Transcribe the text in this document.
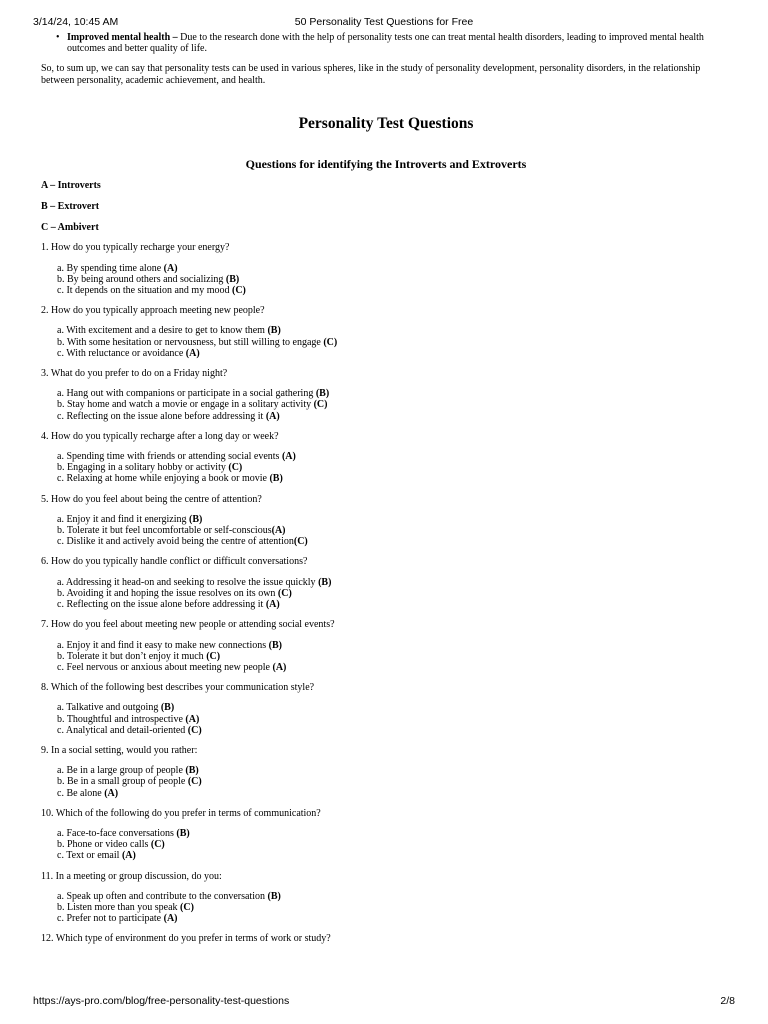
3/14/24, 10:45 AM	50 Personality Test Questions for Free
• Improved mental health – Due to the research done with the help of personality tests one can treat mental health disorders, leading to improved mental health outcomes and better quality of life.

So, to sum up, we can say that personality tests can be used in various spheres, like in the study of personality development, personality disorders, in the relationship between personality, academic achievement, and health.

Personality Test Questions
Questions for identifying the Introverts and Extroverts
A – Introverts
B – Extrovert
C – Ambivert
1. How do you typically recharge your energy?
a. By spending time alone (A)
b. By being around others and socializing (B)
c. It depends on the situation and my mood (C)
2. How do you typically approach meeting new people?
a. With excitement and a desire to get to know them (B)
b. With some hesitation or nervousness, but still willing to engage (C)
c. With reluctance or avoidance (A)
3. What do you prefer to do on a Friday night?
a. Hang out with companions or participate in a social gathering (B)
b. Stay home and watch a movie or engage in a solitary activity (C)
c. Reflecting on the issue alone before addressing it (A)
4. How do you typically recharge after a long day or week?
a. Spending time with friends or attending social events (A)
b. Engaging in a solitary hobby or activity (C)
c. Relaxing at home while enjoying a book or movie (B)
5. How do you feel about being the centre of attention?
a. Enjoy it and find it energizing (B)
b. Tolerate it but feel uncomfortable or self-conscious(A)
c. Dislike it and actively avoid being the centre of attention(C)
6. How do you typically handle conflict or difficult conversations?
a. Addressing it head-on and seeking to resolve the issue quickly (B)
b. Avoiding it and hoping the issue resolves on its own (C)
c. Reflecting on the issue alone before addressing it (A)
7. How do you feel about meeting new people or attending social events?
a. Enjoy it and find it easy to make new connections (B)
b. Tolerate it but don’t enjoy it much (C)
c. Feel nervous or anxious about meeting new people (A)
8. Which of the following best describes your communication style?
a. Talkative and outgoing (B)
b. Thoughtful and introspective (A)
c. Analytical and detail-oriented (C)
9. In a social setting, would you rather:
a. Be in a large group of people (B)
b. Be in a small group of people (C)
c. Be alone (A)
10. Which of the following do you prefer in terms of communication?
a. Face-to-face conversations (B)
b. Phone or video calls (C)
c. Text or email (A)
11. In a meeting or group discussion, do you:
a. Speak up often and contribute to the conversation (B)
b. Listen more than you speak (C)
c. Prefer not to participate (A)
12. Which type of environment do you prefer in terms of work or study?
https://ays-pro.com/blog/free-personality-test-questions	2/8
